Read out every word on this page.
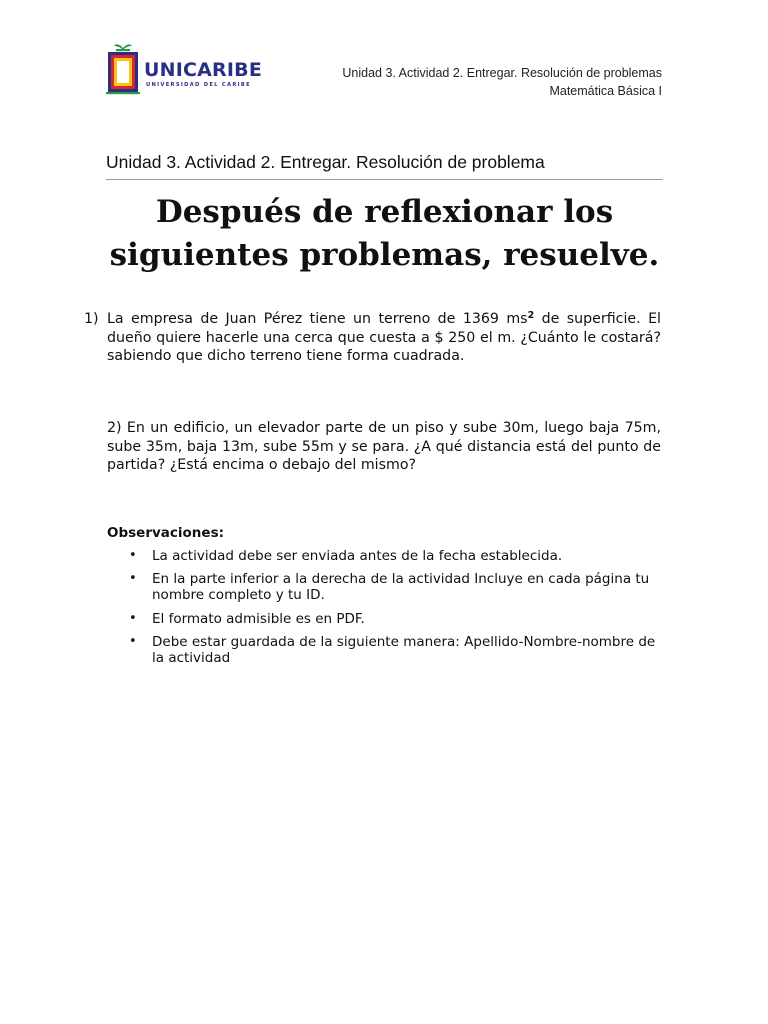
UNICARIBE
UNIVERSIDAD DEL CARIBE
Unidad 3. Actividad 2. Entregar. Resolución de problemas
Matemática Básica I
Unidad 3. Actividad 2. Entregar. Resolución de problema
Después de reflexionar los
siguientes problemas, resuelve.
1) La empresa de Juan Pérez tiene un terreno de 1369 $ms^2$ de superficie. El dueño quiere hacerle una cerca que cuesta a $ 250 el m. ¿Cuánto le costará? sabiendo que dicho terreno tiene forma cuadrada.
2) En un edificio, un elevador parte de un piso y sube 30m, luego baja 75m, sube 35m, baja 13m, sube 55m y se para. ¿A qué distancia está del punto de partida? ¿Está encima o debajo del mismo?
Observaciones:
• La actividad debe ser enviada antes de la fecha establecida.
• En la parte inferior a la derecha de la actividad Incluye en cada página tu nombre completo y tu ID.
• El formato admisible es en PDF.
• Debe estar guardada de la siguiente manera: Apellido-Nombre-nombre de la actividad
